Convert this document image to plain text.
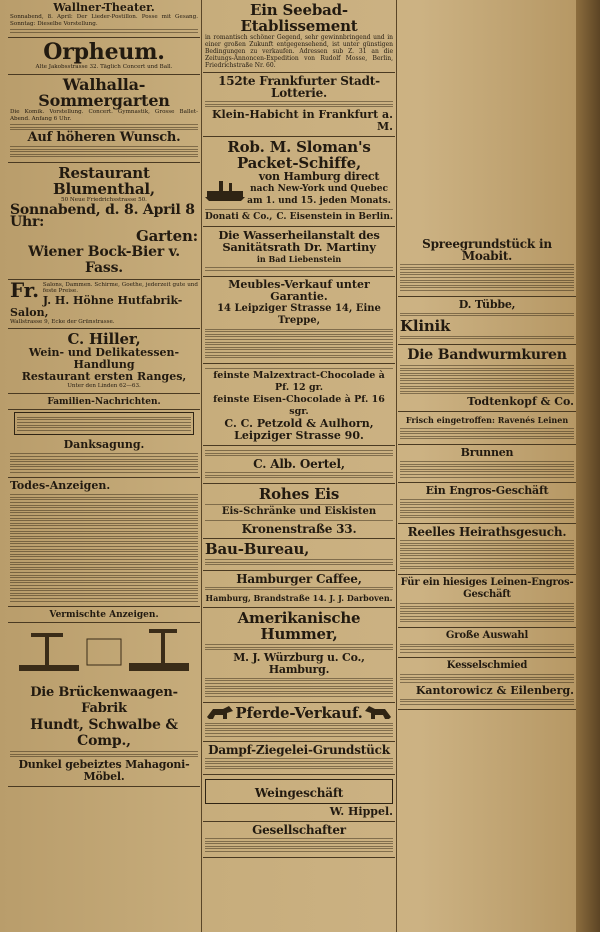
Wallner-Theater.
Sonnabend, 8. April: Der Lieder-Postillon. Posse mit Gesang. Sonntag: Dieselbe Vorstellung.
Orpheum.
Alte Jakobsstrasse 32. Täglich Concert und Ball.
Walhalla-Sommergarten
Die Komik. Vorstellung. Concert. Gymnastik, Grosse Ballet-Abend. Anfang 6 Uhr.
Auf höheren Wunsch.
Restaurant Blumenthal,
50 Neue Friedrichsstrasse 50.
Sonnabend, d. 8. April 8 Uhr:
Garten:
Wiener Bock-Bier v. Fass.
Fr. Salons, Dammen. Schirme, Goethe, jederzeit gute und feste Preise.
J. H. Höhne Hutfabrik-Salon,
Wallstrasse 9, Ecke der Grünstrasse.
C. Hiller,
Wein- und Delikatessen-Handlung
Restaurant ersten Ranges,
Unter den Linden 62—63.
Familien-Nachrichten.
Danksagung.
Todes-Anzeigen.
Vermischte Anzeigen.
Die Brückenwaagen-Fabrik
Hundt, Schwalbe & Comp.,
Dunkel gebeiztes Mahagoni-Möbel.
Ein Seebad-Etablissement
in romantisch schöner Gegend, sehr gewinnbringend und in einer großen Zukunft entgegensehend, ist unter günstigen Bedingungen zu verkaufen. Adressen sub Z. 31 an die Zeitungs-Annoncen-Expedition von Rudolf Mosse, Berlin, Friedrichstraße Nr. 60.
152te Frankfurter Stadt-Lotterie.
Klein-Habicht in Frankfurt a. M.
Rob. M. Sloman's Packet-Schiffe,
von Hamburg direct
nach New-York und Quebec am 1. und 15. jeden Monats.
Donati & Co., C. Eisenstein in Berlin.
Die Wasserheilanstalt des Sanitätsrath Dr. Martiny
in Bad Liebenstein
Meubles-Verkauf unter Garantie.
14 Leipziger Strasse 14, Eine Treppe,
feinste Malzextract-Chocolade à Pf. 12 gr.
feinste Eisen-Chocolade à Pf. 16 sgr.
C. C. Petzold & Aulhorn,
Leipziger Strasse 90.
C. Alb. Oertel,
Rohes Eis
Eis-Schränke und Eiskisten
Kronenstraße 33.
Bau-Bureau,
Hamburger Caffee,
Hamburg, Brandstraße 14. J. J. Darboven.
Amerikanische Hummer,
M. J. Würzburg u. Co., Hamburg.
Pferde-Verkauf.
Dampf-Ziegelei-Grundstück
Weingeschäft
W. Hippel.
Gesellschafter
Spreegrundstück in Moabit.
D. Tübbe,
Klinik
Die Bandwurmkuren
Todtenkopf & Co.
Frisch eingetroffen: Ravenés Leinen
Brunnen
Ein Engros-Geschäft
Reelles Heirathsgesuch.
Für ein hiesiges Leinen-Engros-Geschäft
Große Auswahl
Kesselschmied
Kantorowicz & Eilenberg.
